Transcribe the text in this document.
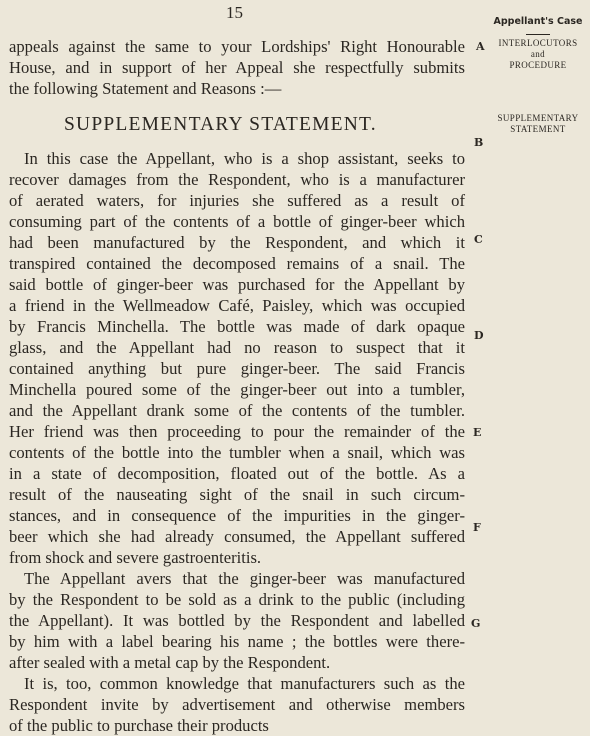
15	Appellant's Case
INTERLOCUTORS
and
PROCEDURE
SUPPLEMENTARY
STATEMENT
A
B
C
D
E
F
G
SUPPLEMENTARY STATEMENT.
appeals against the same to your Lordships' Right Honourable
House, and in support of her Appeal she respectfully submits
the following Statement and Reasons :—
In this case the Appellant, who is a shop assistant, seeks to
recover damages from the Respondent, who is a manufacturer
of aerated waters, for injuries she suffered as a result of
consuming part of the contents of a bottle of ginger-beer which
had been manufactured by the Respondent, and which it
transpired contained the decomposed remains of a snail. The
said bottle of ginger-beer was purchased for the Appellant by
a friend in the Wellmeadow Café, Paisley, which was occupied
by Francis Minchella. The bottle was made of dark opaque
glass, and the Appellant had no reason to suspect that it
contained anything but pure ginger-beer. The said Francis
Minchella poured some of the ginger-beer out into a tumbler,
and the Appellant drank some of the contents of the tumbler.
Her friend was then proceeding to pour the remainder of the
contents of the bottle into the tumbler when a snail, which was
in a state of decomposition, floated out of the bottle. As a
result of the nauseating sight of the snail in such circum-
stances, and in consequence of the impurities in the ginger-
beer which she had already consumed, the Appellant suffered
from shock and severe gastroenteritis.
The Appellant avers that the ginger-beer was manufactured
by the Respondent to be sold as a drink to the public (including
the Appellant). It was bottled by the Respondent and labelled
by him with a label bearing his name ; the bottles were there-
after sealed with a metal cap by the Respondent.
It is, too, common knowledge that manufacturers such as the
Respondent invite by advertisement and otherwise members
of the public to purchase their products
